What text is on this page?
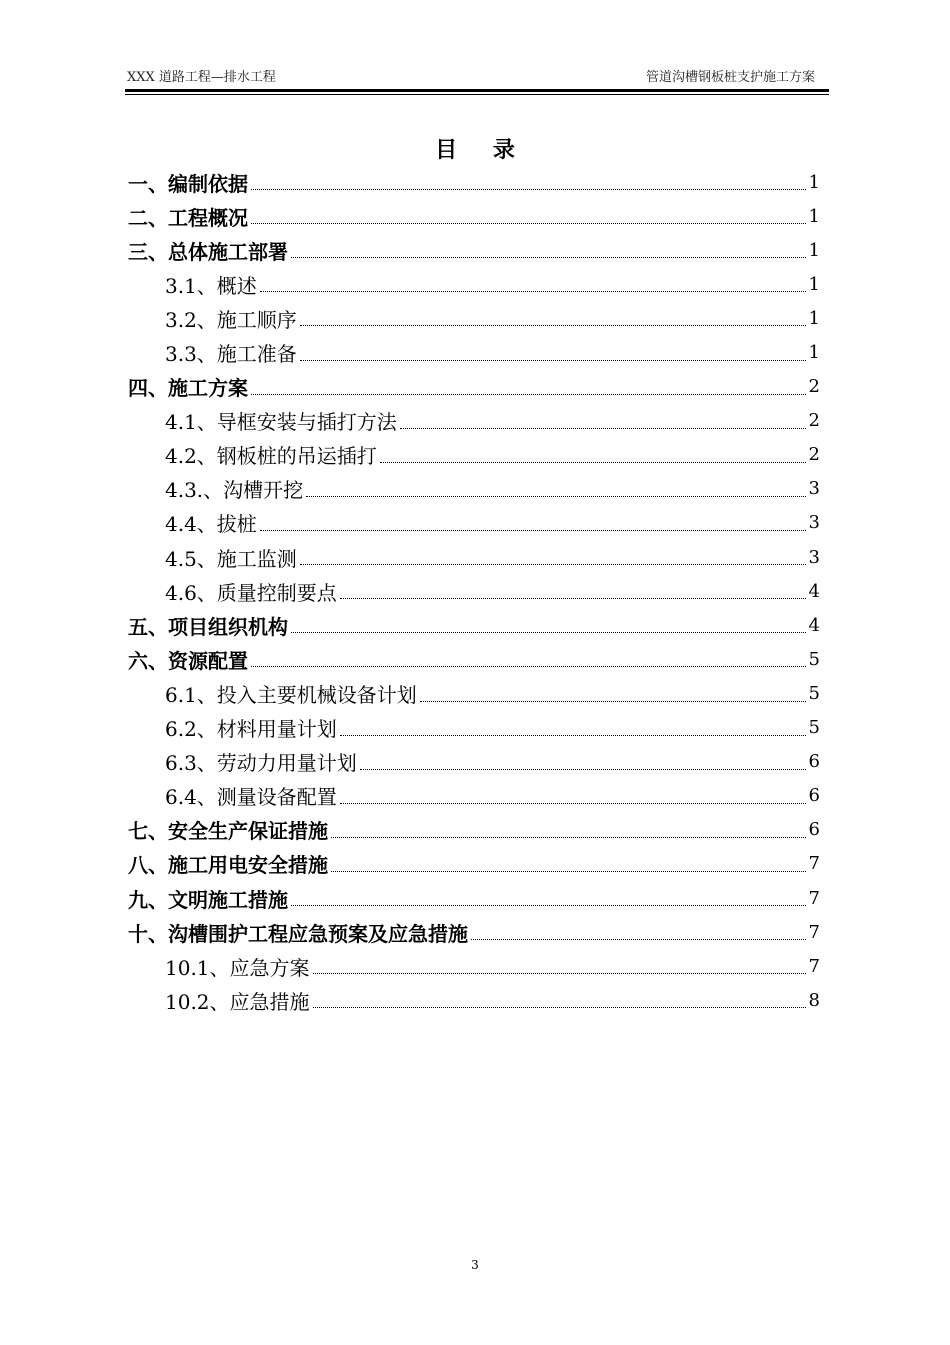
XXX 道路工程—排水工程	管道沟槽钢板桩支护施工方案
目 录
一、编制依据	1
二、工程概况	1
三、总体施工部署	1
3.1、概述	1
3.2、施工顺序	1
3.3、施工准备	1
四、施工方案	2
4.1、导框安装与插打方法	2
4.2、钢板桩的吊运插打	2
4.3.、沟槽开挖	3
4.4、拔桩	3
4.5、施工监测	3
4.6、质量控制要点	4
五、项目组织机构	4
六、资源配置	5
6.1、投入主要机械设备计划	5
6.2、材料用量计划	5
6.3、劳动力用量计划	6
6.4、测量设备配置	6
七、安全生产保证措施	6
八、施工用电安全措施	7
九、文明施工措施	7
十、沟槽围护工程应急预案及应急措施	7
10.1、应急方案	7
10.2、应急措施	8
3
